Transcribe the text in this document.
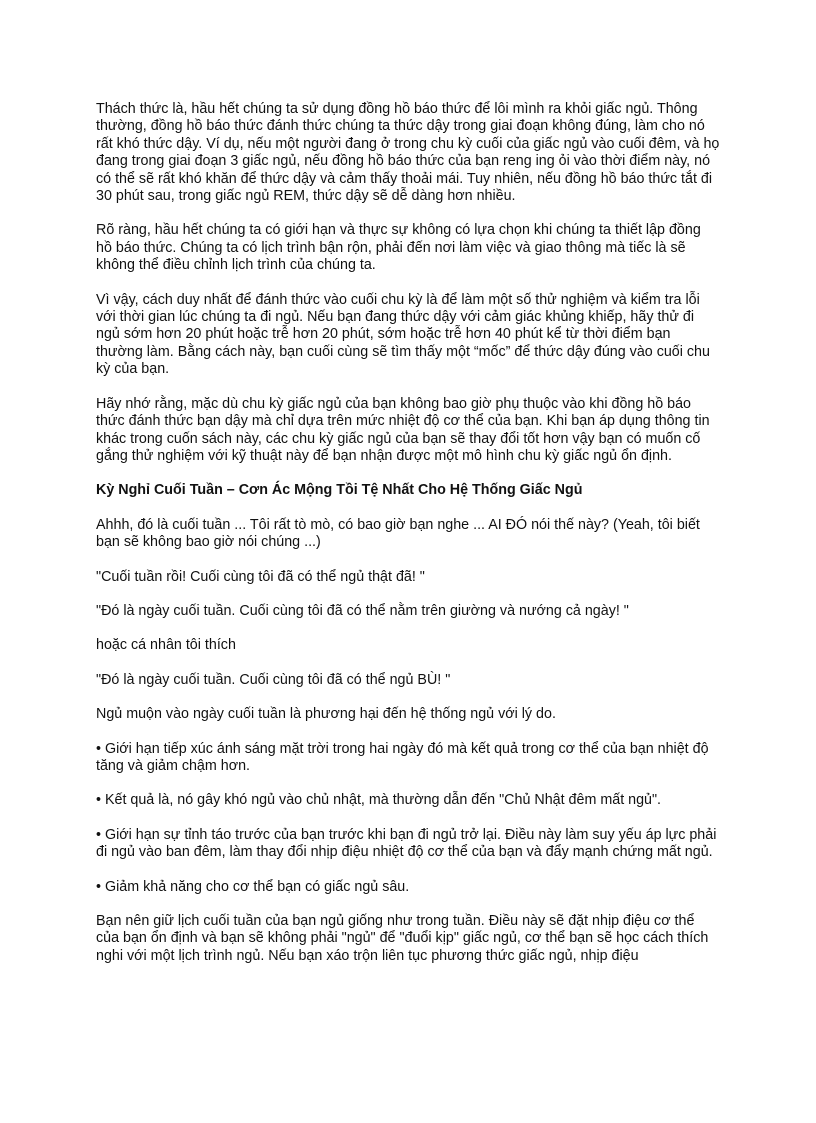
Thách thức là, hầu hết chúng ta sử dụng đồng hồ báo thức để lôi mình ra khỏi giấc ngủ. Thông thường, đồng hồ báo thức đánh thức chúng ta thức dậy trong giai đoạn không đúng, làm cho nó rất khó thức dậy. Ví dụ, nếu một người đang ở trong chu kỳ cuối của giấc ngủ vào cuối đêm, và họ đang trong giai đoạn 3 giấc ngủ, nếu đồng hồ báo thức của bạn reng ing ỏi vào thời điểm này, nó có thể sẽ rất khó khăn để thức dậy và cảm thấy thoải mái. Tuy nhiên, nếu đồng hồ báo thức tắt đi 30 phút sau, trong giấc ngủ REM, thức dậy sẽ dễ dàng hơn nhiều.

Rõ ràng, hầu hết chúng ta có giới hạn và thực sự không có lựa chọn khi chúng ta thiết lập đồng hồ báo thức. Chúng ta có lịch trình bận rộn, phải đến nơi làm việc và giao thông mà tiếc là sẽ không thể điều chỉnh lịch trình của chúng ta.

Vì vậy, cách duy nhất để đánh thức vào cuối chu kỳ là để làm một số thử nghiệm và kiểm tra lỗi với thời gian lúc chúng ta đi ngủ. Nếu bạn đang thức dậy với cảm giác khủng khiếp, hãy thử đi ngủ sớm hơn 20 phút hoặc trễ hơn 20 phút, sớm hoặc trễ hơn 40 phút kể từ thời điểm bạn thường làm. Bằng cách này, bạn cuối cùng sẽ tìm thấy một “mốc” để thức dậy đúng vào cuối chu kỳ của bạn.

Hãy nhớ rằng, mặc dù chu kỳ giấc ngủ của bạn không bao giờ phụ thuộc vào khi đồng hồ báo thức đánh thức bạn dậy mà chỉ dựa trên mức nhiệt độ cơ thể của bạn. Khi bạn áp dụng thông tin khác trong cuốn sách này, các chu kỳ giấc ngủ của bạn sẽ thay đổi tốt hơn vậy bạn có muốn cố gắng thử nghiệm với kỹ thuật này để bạn nhận được một mô hình chu kỳ giấc ngủ ổn định.

Kỳ Nghỉ Cuối Tuần – Cơn Ác Mộng Tồi Tệ Nhất Cho Hệ Thống Giấc Ngủ

Ahhh, đó là cuối tuần ... Tôi rất tò mò, có bao giờ bạn nghe ... AI ĐÓ nói thế này? (Yeah, tôi biết bạn sẽ không bao giờ nói chúng ...)

"Cuối tuần rồi! Cuối cùng tôi đã có thể ngủ thật đã! "

"Đó là ngày cuối tuần. Cuối cùng tôi đã có thể nằm trên giường và nướng cả ngày! "

hoặc cá nhân tôi thích

"Đó là ngày cuối tuần. Cuối cùng tôi đã có thể ngủ BÙ! "

Ngủ muộn vào ngày cuối tuần là phương hại đến hệ thống ngủ với lý do.

• Giới hạn tiếp xúc ánh sáng mặt trời trong hai ngày đó mà kết quả trong cơ thể của bạn nhiệt độ tăng và giảm chậm hơn.

• Kết quả là, nó gây khó ngủ vào chủ nhật, mà thường dẫn đến "Chủ Nhật đêm mất ngủ".

• Giới hạn sự tỉnh táo trước của bạn trước khi bạn đi ngủ trở lại. Điều này làm suy yếu áp lực phải đi ngủ vào ban đêm, làm thay đổi nhịp điệu nhiệt độ cơ thể của bạn và đẩy mạnh chứng mất ngủ.

• Giảm khả năng cho cơ thể bạn có giấc ngủ sâu.

Bạn nên giữ lịch cuối tuần của bạn ngủ giống như trong tuần. Điều này sẽ đặt nhịp điệu cơ thể của bạn ổn định và bạn sẽ không phải "ngủ" để "đuổi kịp" giấc ngủ, cơ thể bạn sẽ học cách thích nghi với một lịch trình ngủ. Nếu bạn xáo trộn liên tục phương thức giấc ngủ, nhịp điệu
